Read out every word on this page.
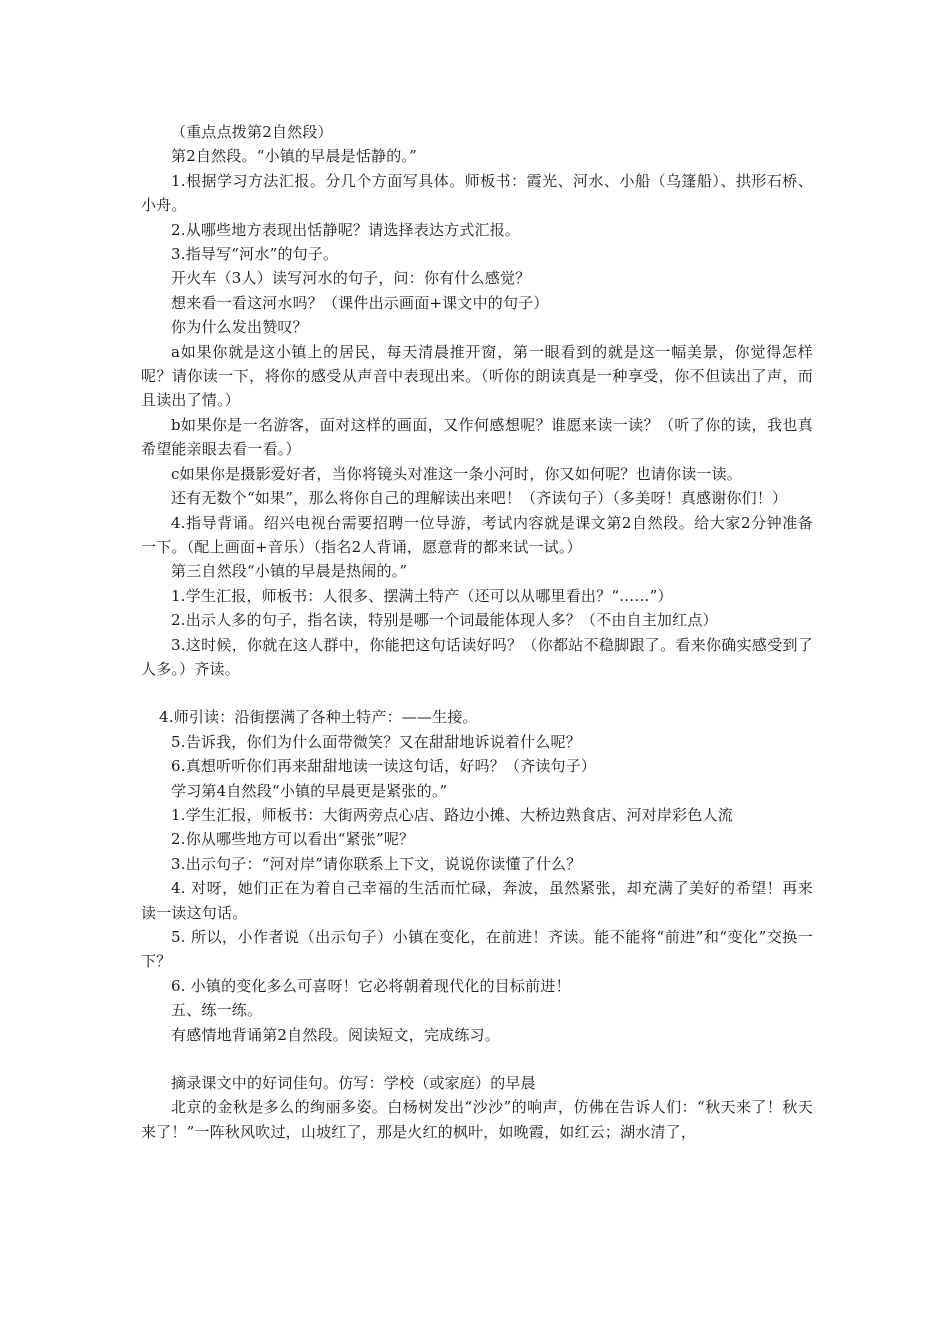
（重点点拨第2自然段）

第2自然段。“小镇的早晨是恬静的。”

1.根据学习方法汇报。分几个方面写具体。师板书：霞光、河水、小船（乌篷船）、拱形石桥、小舟。

2.从哪些地方表现出恬静呢？请选择表达方式汇报。

3.指导写“河水”的句子。

开火车（3人）读写河水的句子，问：你有什么感觉？

想来看一看这河水吗？（课件出示画面+课文中的句子）

你为什么发出赞叹？

a如果你就是这小镇上的居民，每天清晨推开窗，第一眼看到的就是这一幅美景，你觉得怎样呢？请你读一下，将你的感受从声音中表现出来。（听你的朗读真是一种享受，你不但读出了声，而且读出了情。）

b如果你是一名游客，面对这样的画面，又作何感想呢？谁愿来读一读？（听了你的读，我也真希望能亲眼去看一看。）

c如果你是摄影爱好者，当你将镜头对准这一条小河时，你又如何呢？也请你读一读。

还有无数个“如果”，那么将你自己的理解读出来吧！（齐读句子）（多美呀！真感谢你们！）

4.指导背诵。绍兴电视台需要招聘一位导游，考试内容就是课文第2自然段。给大家2分钟准备一下。（配上画面+音乐）（指名2人背诵，愿意背的都来试一试。）

第三自然段“小镇的早晨是热闹的。”

1.学生汇报，师板书：人很多、摆满土特产（还可以从哪里看出？“……”）

2.出示人多的句子，指名读，特别是哪一个词最能体现人多？（不由自主加红点）

3.这时候，你就在这人群中，你能把这句话读好吗？（你都站不稳脚跟了。看来你确实感受到了人多。）齐读。

4.师引读：沿街摆满了各种土特产：——生接。

5.告诉我，你们为什么面带微笑？又在甜甜地诉说着什么呢？

6.真想听听你们再来甜甜地读一读这句话，好吗？（齐读句子）

学习第4自然段“小镇的早晨更是紧张的。”

1.学生汇报，师板书：大街两旁点心店、路边小摊、大桥边熟食店、河对岸彩色人流

2.你从哪些地方可以看出“紧张”呢？

3.出示句子：“河对岸”请你联系上下文，说说你读懂了什么？

4. 对呀，她们正在为着自己幸福的生活而忙碌，奔波，虽然紧张，却充满了美好的希望！再来读一读这句话。

5. 所以，小作者说（出示句子）小镇在变化，在前进！齐读。能不能将“前进”和“变化”交换一下？

6. 小镇的变化多么可喜呀！它必将朝着现代化的目标前进！

五、练一练。

有感情地背诵第2自然段。阅读短文，完成练习。

摘录课文中的好词佳句。仿写：学校（或家庭）的早晨

北京的金秋是多么的绚丽多姿。白杨树发出“沙沙”的响声，仿佛在告诉人们：“秋天来了！秋天来了！”一阵秋风吹过，山坡红了，那是火红的枫叶，如晚霞，如红云；湖水清了，
